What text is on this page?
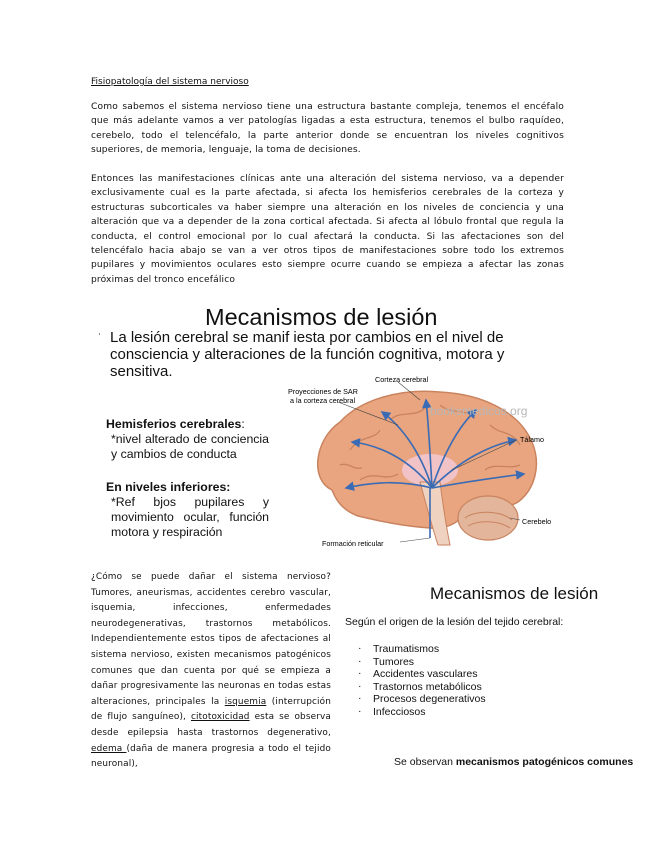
Fisiopatología del sistema nervioso

Como sabemos el sistema nervioso tiene una estructura bastante compleja, tenemos el encéfalo que más adelante vamos a ver patologías ligadas a esta estructura, tenemos el bulbo raquídeo, cerebelo, todo el telencéfalo, la parte anterior donde se encuentran los niveles cognitivos superiores, de memoria, lenguaje, la toma de decisiones.

Entonces las manifestaciones clínicas ante una alteración del sistema nervioso, va a depender exclusivamente cual es la parte afectada, si afecta los hemisferios cerebrales de la corteza y estructuras subcorticales va haber siempre una alteración en los niveles de conciencia y una alteración que va a depender de la zona cortical afectada. Si afecta al lóbulo frontal que regula la conducta, el control emocional por lo cual afectará la conducta. Si las afectaciones son del telencéfalo hacia abajo se van a ver otros tipos de manifestaciones sobre todo los extremos pupilares y movimientos oculares esto siempre ocurre cuando se empieza a afectar las zonas próximas del tronco encefálico

Mecanismos de lesión
· La lesión cerebral se manif iesta por cambios en el nivel de consciencia y alteraciones de la función cognitiva, motora y sensitiva.

Hemisferios cerebrales:
*nivel alterado de conciencia y cambios de conducta
En niveles inferiores:
*Ref bjos pupilares y movimiento ocular, función motora y respiración
booksmedicos.org
Corteza cerebral
Proyecciones de SAR
a la corteza cerebral
Tálamo
Cerebelo
Formación reticular

¿Cómo se puede dañar el sistema nervioso? Tumores, aneurismas, accidentes cerebro vascular, isquemia, infecciones, enfermedades neurodegenerativas, trastornos metabólicos. Independientemente estos tipos de afectaciones al sistema nervioso, existen mecanismos patogénicos comunes que dan cuenta por qué se empieza a dañar progresivamente las neuronas en todas estas alteraciones, principales la isquemia (interrupción de flujo sanguíneo), citotoxicidad esta se observa desde epilepsia hasta trastornos degenerativo, edema (daña de manera progresia a todo el tejido neuronal),

Mecanismos de lesión

Según el origen de la lesión del tejido cerebral:

· Traumatismos
· Tumores
· Accidentes vasculares
· Trastornos metabólicos
· Procesos degenerativos
· Infecciosos

Se observan mecanismos patogénicos comunes
